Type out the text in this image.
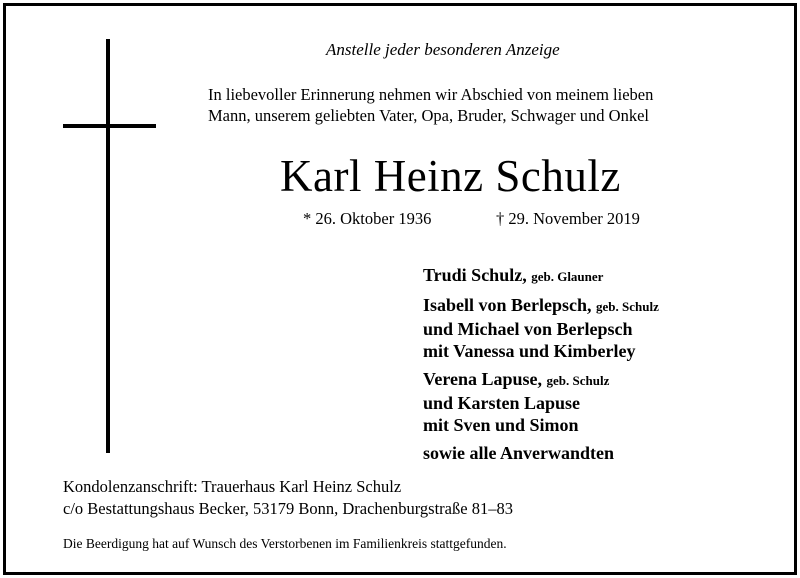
Anstelle jeder besonderen Anzeige
In liebevoller Erinnerung nehmen wir Abschied von meinem lieben
Mann, unserem geliebten Vater, Opa, Bruder, Schwager und Onkel
Karl Heinz Schulz
* 26. Oktober 1936	† 29. November 2019
Trudi Schulz, geb. Glauner
Isabell von Berlepsch, geb. Schulz
und Michael von Berlepsch
mit Vanessa und Kimberley
Verena Lapuse, geb. Schulz
und Karsten Lapuse
mit Sven und Simon
sowie alle Anverwandten
Kondolenzanschrift: Trauerhaus Karl Heinz Schulz
c/o Bestattungshaus Becker, 53179 Bonn, Drachenburgstraße 81–83
Die Beerdigung hat auf Wunsch des Verstorbenen im Familienkreis stattgefunden.
